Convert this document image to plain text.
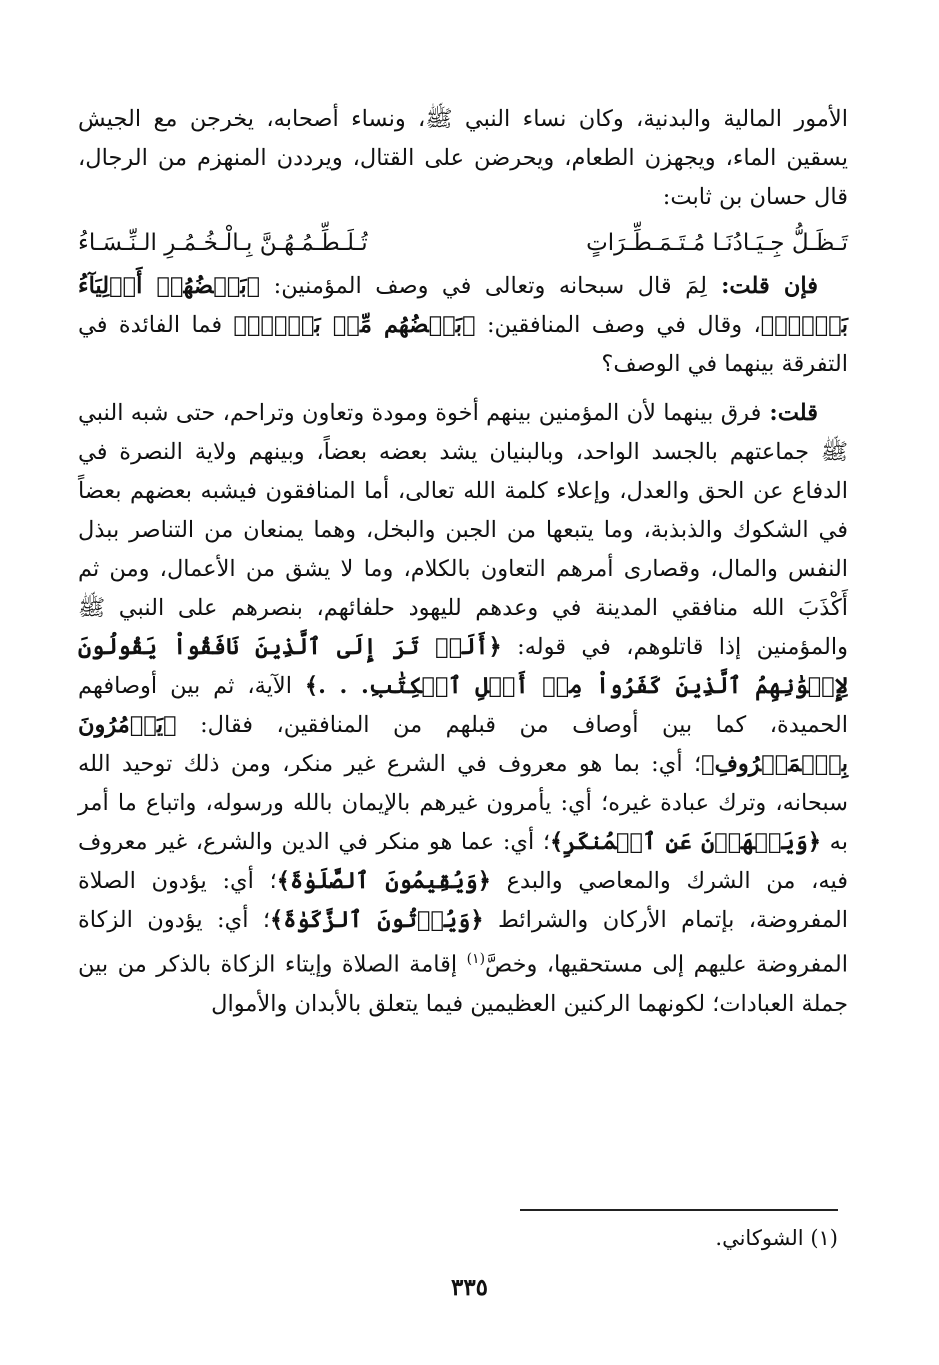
الأمور المالية والبدنية، وكان نساء النبي ﷺ، ونساء أصحابه، يخرجن مع الجيش يسقين الماء، ويجهزن الطعام، ويحرضن على القتال، ويرددن المنهزم من الرجال، قال حسان بن ثابت:

تَـظَـلُّ جِـيَـادُنَـا مُـتَـمَـطِّـرَاتٍ
تُـلَـطِّـمُـهُـنَّ بِـالْـخُـمُـرِ الـنِّـسَـاءُ

فإن قلت: لِمَ قال سبحانه وتعالى في وصف المؤمنين: ﴿بَعۡضُهُمۡ أَوۡلِيَآءُ بَعۡضٖۚ﴾، وقال في وصف المنافقين: ﴿بَعۡضُهُم مِّنۢ بَعۡضٖۚ﴾ فما الفائدة في التفرقة بينهما في الوصف؟

قلت: فرق بينهما لأن المؤمنين بينهم أخوة ومودة وتعاون وتراحم، حتى شبه النبي ﷺ جماعتهم بالجسد الواحد، وبالبنيان يشد بعضه بعضاً، وبينهم ولاية النصرة في الدفاع عن الحق والعدل، وإعلاء كلمة الله تعالى، أما المنافقون فيشبه بعضهم بعضاً في الشكوك والذبذبة، وما يتبعها من الجبن والبخل، وهما يمنعان من التناصر ببذل النفس والمال، وقصارى أمرهم التعاون بالكلام، وما لا يشق من الأعمال، ومن ثم أَكْذَبَ الله منافقي المدينة في وعدهم لليهود حلفائهم، بنصرهم على النبي ﷺ والمؤمنين إذا قاتلوهم، في قوله: ﴿أَلَمۡ تَرَ إِلَى ٱلَّذِينَ نَافَقُواْ يَقُولُونَ لِإِخۡوَٰنِهِمُ ٱلَّذِينَ كَفَرُواْ مِنۡ أَهۡلِ ٱلۡكِتَٰبِ. . .﴾ الآية، ثم بين أوصافهم الحميدة، كما بين أوصاف من قبلهم من المنافقين، فقال: ﴿يَأۡمُرُونَ بِٱلۡمَعۡرُوفِ﴾؛ أي: بما هو معروف في الشرع غير منكر، ومن ذلك توحيد الله سبحانه، وترك عبادة غيره؛ أي: يأمرون غيرهم بالإيمان بالله ورسوله، واتباع ما أمر به ﴿وَيَنۡهَوۡنَ عَنِ ٱلۡمُنكَرِ﴾؛ أي: عما هو منكر في الدين والشرع، غير معروف فيه، من الشرك والمعاصي والبدع ﴿وَيُقِيمُونَ ٱلصَّلَوٰةَ﴾؛ أي: يؤدون الصلاة المفروضة، بإتمام الأركان والشرائط ﴿وَيُؤۡتُونَ ٱلزَّكَوٰةَ﴾؛ أي: يؤدون الزكاة المفروضة عليهم إلى مستحقيها، وخصَّ$^{(١)}$ إقامة الصلاة وإيتاء الزكاة بالذكر من بين جملة العبادات؛ لكونهما الركنين العظيمين فيما يتعلق بالأبدان والأموال

(١) الشوكاني.
٣٣٥
